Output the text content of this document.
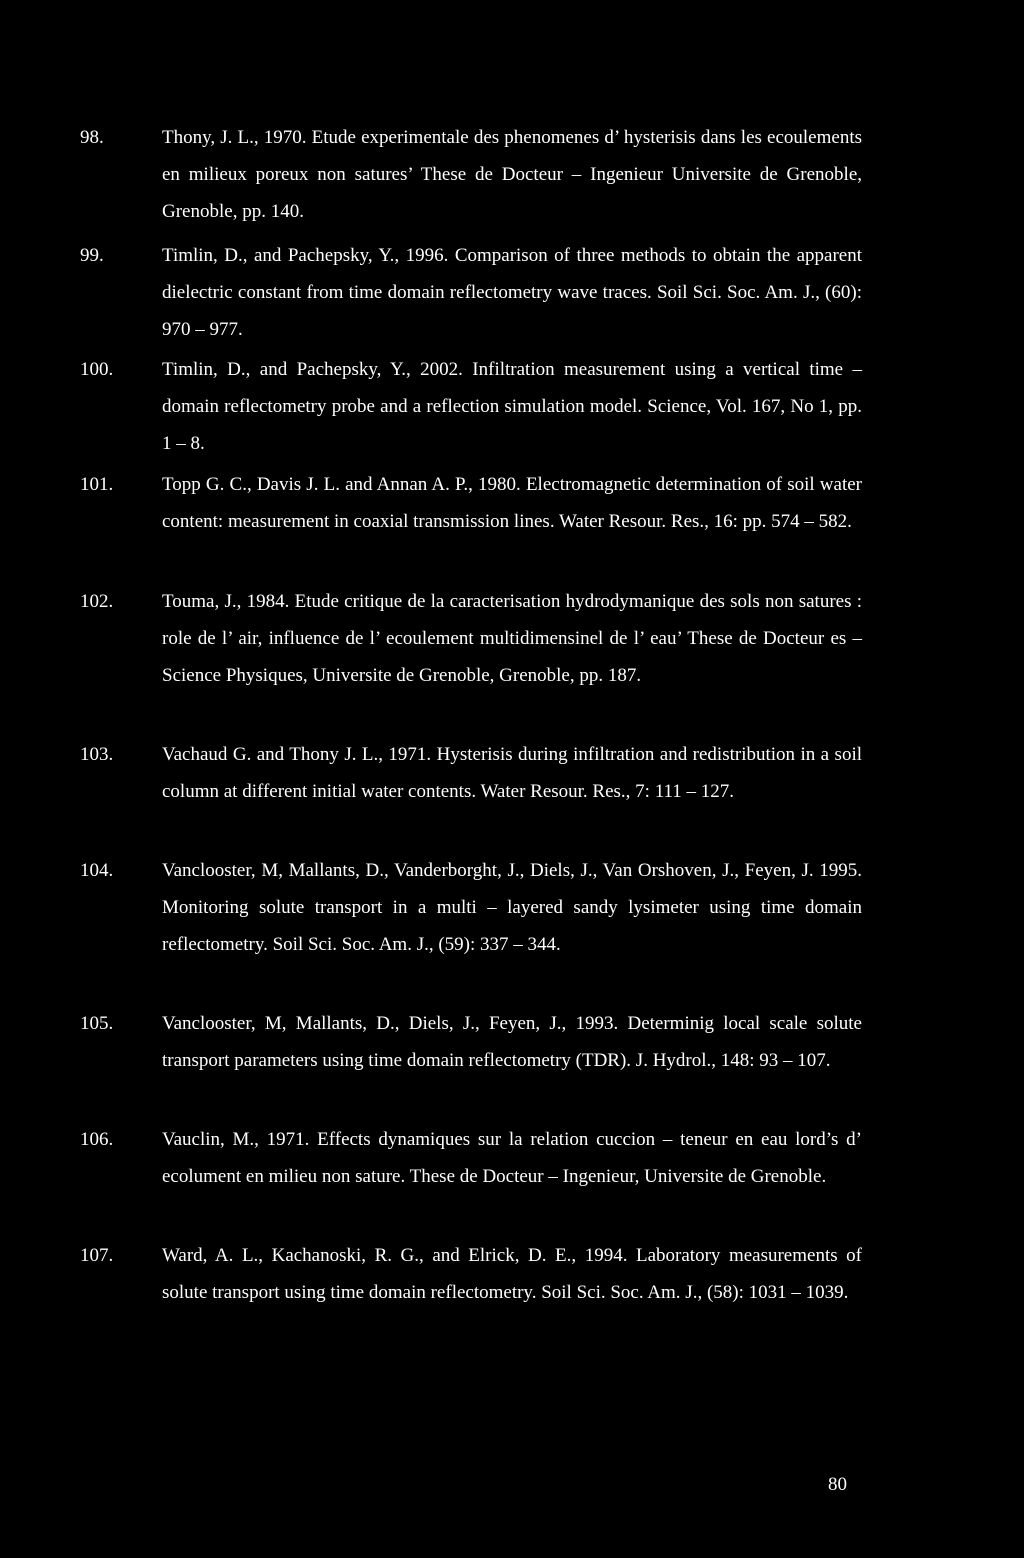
98.	Thony, J. L., 1970. Etude experimentale des phenomenes d’ hysterisis dans les ecoulements en milieux poreux non satures’ These de Docteur – Ingenieur Universite de Grenoble, Grenoble, pp. 140.
99.	Timlin, D., and Pachepsky, Y., 1996. Comparison of three methods to obtain the apparent dielectric constant from time domain reflectometry wave traces. Soil Sci. Soc. Am. J., (60): 970 – 977.
100.	Timlin, D., and Pachepsky, Y., 2002. Infiltration measurement using a vertical time – domain reflectometry probe and a reflection simulation model. Science, Vol. 167, No 1, pp. 1 – 8.
101.	Topp G. C., Davis J. L. and Annan A. P., 1980. Electromagnetic determination of soil water content: measurement in coaxial transmission lines. Water Resour. Res., 16: pp. 574 – 582.
102.	Touma, J., 1984. Etude critique de la caracterisation hydrodymanique des sols non satures : role de l’ air, influence de l’ ecoulement multidimensinel de l’ eau’ These de Docteur es – Science Physiques, Universite de Grenoble, Grenoble, pp. 187.
103.	Vachaud G. and Thony J. L., 1971. Hysterisis during infiltration and redistribution in a soil column at different initial water contents. Water Resour. Res., 7: 111 – 127.
104.	Vanclooster, M, Mallants, D., Vanderborght, J., Diels, J., Van Orshoven, J., Feyen, J. 1995. Monitoring solute transport in a multi – layered sandy lysimeter using time domain reflectometry. Soil Sci. Soc. Am. J., (59): 337 – 344.
105.	Vanclooster, M, Mallants, D., Diels, J., Feyen, J., 1993. Determinig local scale solute transport parameters using time domain reflectometry (TDR). J. Hydrol., 148: 93 – 107.
106.	Vauclin, M., 1971. Effects dynamiques sur la relation cuccion – teneur en eau lord’s d’ ecolument en milieu non sature. These de Docteur – Ingenieur, Universite de Grenoble.
107.	Ward, A. L., Kachanoski, R. G., and Elrick, D. E., 1994. Laboratory measurements of solute transport using time domain reflectometry. Soil Sci. Soc. Am. J., (58): 1031 – 1039.
80
